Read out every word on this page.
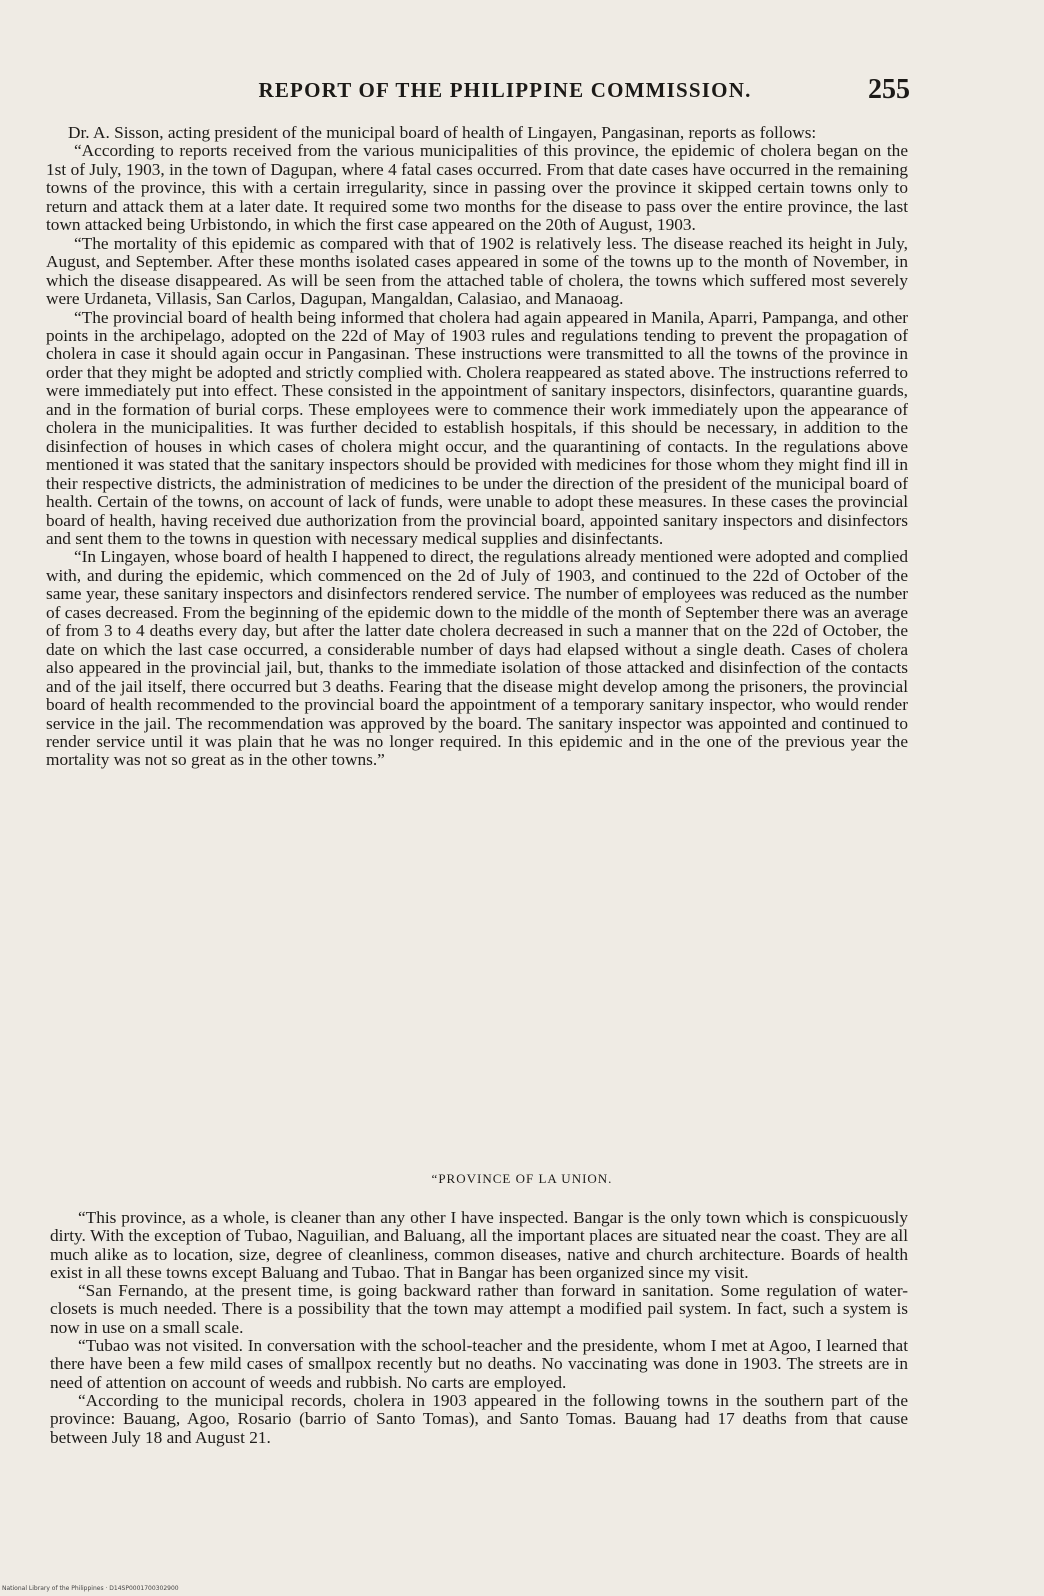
REPORT OF THE PHILIPPINE COMMISSION.	255

Dr. A. Sisson, acting president of the municipal board of health of Lingayen, Pangasinan, reports as follows:

“According to reports received from the various municipalities of this province, the epidemic of cholera began on the 1st of July, 1903, in the town of Dagupan, where 4 fatal cases occurred. From that date cases have occurred in the remaining towns of the province, this with a certain irregularity, since in passing over the province it skipped certain towns only to return and attack them at a later date. It required some two months for the disease to pass over the entire province, the last town attacked being Urbistondo, in which the first case appeared on the 20th of August, 1903.

“The mortality of this epidemic as compared with that of 1902 is relatively less. The disease reached its height in July, August, and September. After these months isolated cases appeared in some of the towns up to the month of November, in which the disease disappeared. As will be seen from the attached table of cholera, the towns which suffered most severely were Urdaneta, Villasis, San Carlos, Dagupan, Mangaldan, Calasiao, and Manaoag.

“The provincial board of health being informed that cholera had again appeared in Manila, Aparri, Pampanga, and other points in the archipelago, adopted on the 22d of May of 1903 rules and regulations tending to prevent the propagation of cholera in case it should again occur in Pangasinan. These instructions were transmitted to all the towns of the province in order that they might be adopted and strictly complied with. Cholera reappeared as stated above. The instructions referred to were immediately put into effect. These consisted in the appointment of sanitary inspectors, disinfectors, quarantine guards, and in the formation of burial corps. These employees were to commence their work immediately upon the appearance of cholera in the municipalities. It was further decided to establish hospitals, if this should be necessary, in addition to the disinfection of houses in which cases of cholera might occur, and the quarantining of contacts. In the regulations above mentioned it was stated that the sanitary inspectors should be provided with medicines for those whom they might find ill in their respective districts, the administration of medicines to be under the direction of the president of the municipal board of health. Certain of the towns, on account of lack of funds, were unable to adopt these measures. In these cases the provincial board of health, having received due authorization from the provincial board, appointed sanitary inspectors and disinfectors and sent them to the towns in question with necessary medical supplies and disinfectants.

“In Lingayen, whose board of health I happened to direct, the regulations already mentioned were adopted and complied with, and during the epidemic, which commenced on the 2d of July of 1903, and continued to the 22d of October of the same year, these sanitary inspectors and disinfectors rendered service. The number of employees was reduced as the number of cases decreased. From the beginning of the epidemic down to the middle of the month of September there was an average of from 3 to 4 deaths every day, but after the latter date cholera decreased in such a manner that on the 22d of October, the date on which the last case occurred, a considerable number of days had elapsed without a single death. Cases of cholera also appeared in the provincial jail, but, thanks to the immediate isolation of those attacked and disinfection of the contacts and of the jail itself, there occurred but 3 deaths. Fearing that the disease might develop among the prisoners, the provincial board of health recommended to the provincial board the appointment of a temporary sanitary inspector, who would render service in the jail. The recommendation was approved by the board. The sanitary inspector was appointed and continued to render service until it was plain that he was no longer required. In this epidemic and in the one of the previous year the mortality was not so great as in the other towns.”

“PROVINCE OF LA UNION.

“This province, as a whole, is cleaner than any other I have inspected. Bangar is the only town which is conspicuously dirty. With the exception of Tubao, Naguilian, and Baluang, all the important places are situated near the coast. They are all much alike as to location, size, degree of cleanliness, common diseases, native and church architecture. Boards of health exist in all these towns except Baluang and Tubao. That in Bangar has been organized since my visit.

“San Fernando, at the present time, is going backward rather than forward in sanitation. Some regulation of water-closets is much needed. There is a possibility that the town may attempt a modified pail system. In fact, such a system is now in use on a small scale.

“Tubao was not visited. In conversation with the school-teacher and the presidente, whom I met at Agoo, I learned that there have been a few mild cases of smallpox recently but no deaths. No vaccinating was done in 1903. The streets are in need of attention on account of weeds and rubbish. No carts are employed.

“According to the municipal records, cholera in 1903 appeared in the following towns in the southern part of the province: Bauang, Agoo, Rosario (barrio of Santo Tomas), and Santo Tomas. Bauang had 17 deaths from that cause between July 18 and August 21.

National Library of the Philippines · D14SP0001700302900
